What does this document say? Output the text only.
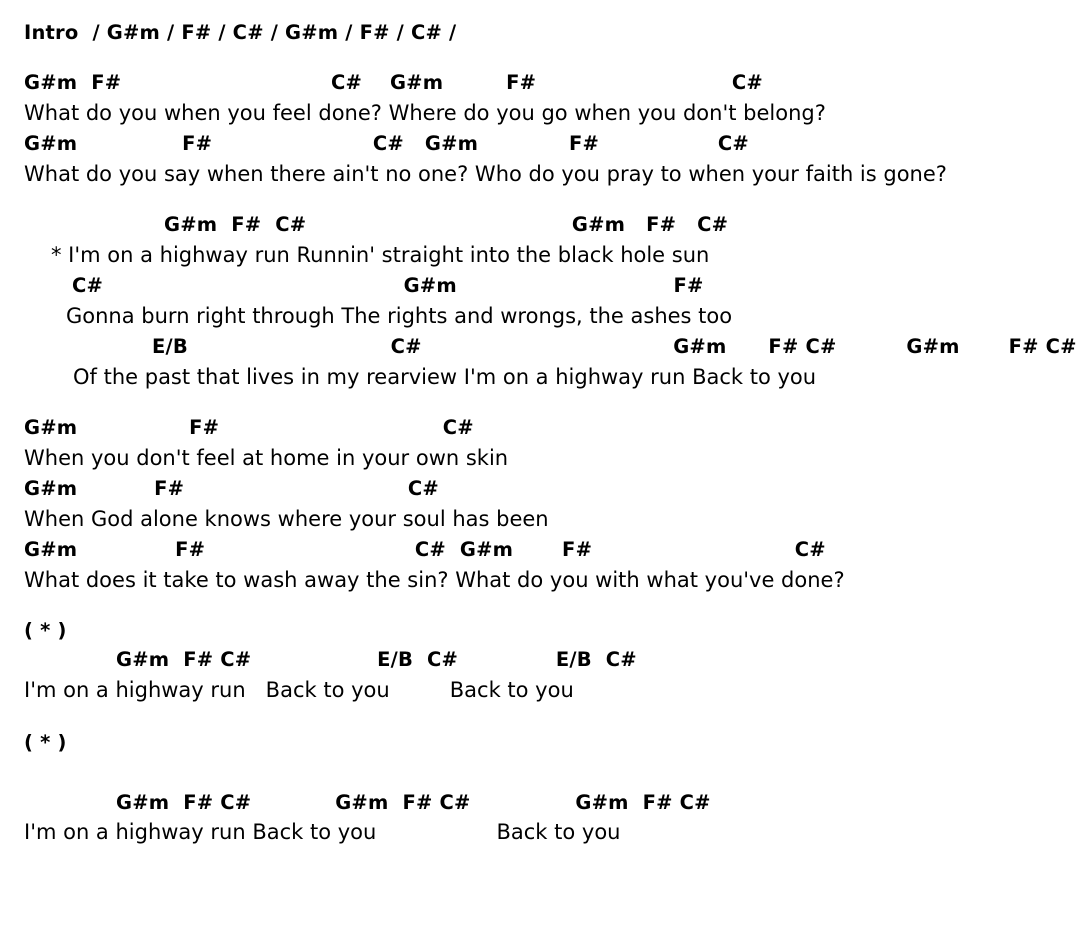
Intro  / G#m / F# / C# / G#m / F# / C# /
G#m  F#                              C#    G#m         F#                            C#
What do you when you feel done? Where do you go when you don't belong?
G#m               F#                       C#   G#m             F#                 C#
What do you say when there ain't no one? Who do you pray to when your faith is gone?
G#m  F#  C#                                      G#m   F#   C#
* I'm on a highway run Runnin' straight into the black hole sun
C#                                           G#m                               F#
Gonna burn right through The rights and wrongs, the ashes too
E/B                             C#                                    G#m      F# C#          G#m       F# C#
Of the past that lives in my rearview I'm on a highway run Back to you
G#m                F#                                C#
When you don't feel at home in your own skin
G#m           F#                                C#
When God alone knows where your soul has been
G#m              F#                              C#  G#m       F#                             C#
What does it take to wash away the sin? What do you with what you've done?
( * )
G#m  F# C#                  E/B  C#              E/B  C#
I'm on a highway run   Back to you         Back to you
( * )
G#m  F# C#            G#m  F# C#               G#m  F# C#
I'm on a highway run Back to you                  Back to you
